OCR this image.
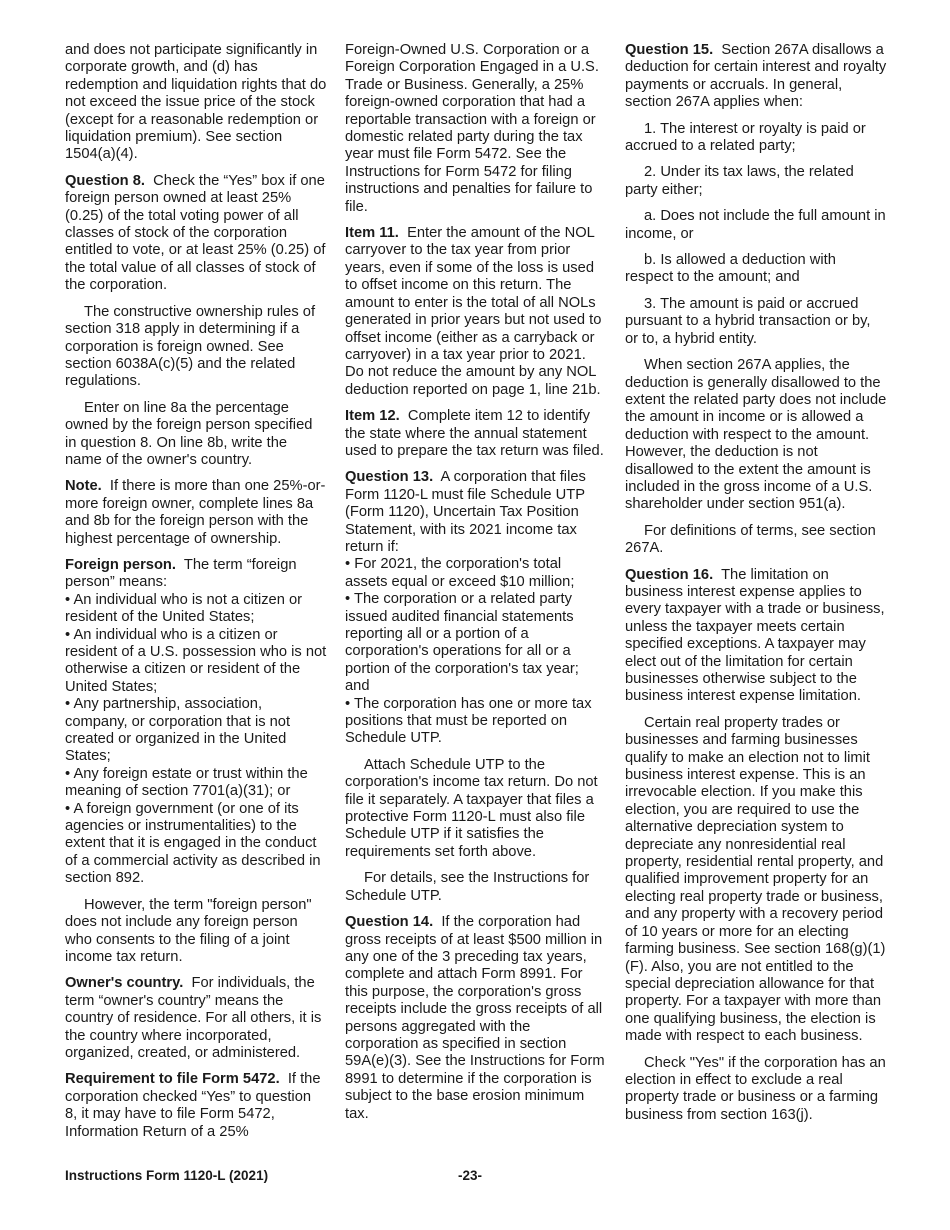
and does not participate significantly in corporate growth, and (d) has redemption and liquidation rights that do not exceed the issue price of the stock (except for a reasonable redemption or liquidation premium). See section 1504(a)(4).

Question 8. Check the “Yes” box if one foreign person owned at least 25% (0.25) of the total voting power of all classes of stock of the corporation entitled to vote, or at least 25% (0.25) of the total value of all classes of stock of the corporation.

The constructive ownership rules of section 318 apply in determining if a corporation is foreign owned. See section 6038A(c)(5) and the related regulations.

Enter on line 8a the percentage owned by the foreign person specified in question 8. On line 8b, write the name of the owner's country.

Note. If there is more than one 25%-or-more foreign owner, complete lines 8a and 8b for the foreign person with the highest percentage of ownership.

Foreign person. The term “foreign person” means:

• An individual who is not a citizen or resident of the United States;

• An individual who is a citizen or resident of a U.S. possession who is not otherwise a citizen or resident of the United States;

• Any partnership, association, company, or corporation that is not created or organized in the United States;

• Any foreign estate or trust within the meaning of section 7701(a)(31); or

• A foreign government (or one of its agencies or instrumentalities) to the extent that it is engaged in the conduct of a commercial activity as described in section 892.

However, the term "foreign person" does not include any foreign person who consents to the filing of a joint income tax return.

Owner's country. For individuals, the term “owner's country” means the country of residence. For all others, it is the country where incorporated, organized, created, or administered.

Requirement to file Form 5472. If the corporation checked “Yes” to question 8, it may have to file Form 5472, Information Return of a 25%

Foreign-Owned U.S. Corporation or a Foreign Corporation Engaged in a U.S. Trade or Business. Generally, a 25% foreign-owned corporation that had a reportable transaction with a foreign or domestic related party during the tax year must file Form 5472. See the Instructions for Form 5472 for filing instructions and penalties for failure to file.

Item 11. Enter the amount of the NOL carryover to the tax year from prior years, even if some of the loss is used to offset income on this return. The amount to enter is the total of all NOLs generated in prior years but not used to offset income (either as a carryback or carryover) in a tax year prior to 2021. Do not reduce the amount by any NOL deduction reported on page 1, line 21b.

Item 12. Complete item 12 to identify the state where the annual statement used to prepare the tax return was filed.

Question 13. A corporation that files Form 1120-L must file Schedule UTP (Form 1120), Uncertain Tax Position Statement, with its 2021 income tax return if:

• For 2021, the corporation's total assets equal or exceed $10 million;

• The corporation or a related party issued audited financial statements reporting all or a portion of a corporation's operations for all or a portion of the corporation's tax year; and

• The corporation has one or more tax positions that must be reported on Schedule UTP.

Attach Schedule UTP to the corporation's income tax return. Do not file it separately. A taxpayer that files a protective Form 1120-L must also file Schedule UTP if it satisfies the requirements set forth above.

For details, see the Instructions for Schedule UTP.

Question 14. If the corporation had gross receipts of at least $500 million in any one of the 3 preceding tax years, complete and attach Form 8991. For this purpose, the corporation's gross receipts include the gross receipts of all persons aggregated with the corporation as specified in section 59A(e)(3). See the Instructions for Form 8991 to determine if the corporation is subject to the base erosion minimum tax.

Question 15. Section 267A disallows a deduction for certain interest and royalty payments or accruals. In general, section 267A applies when:

1. The interest or royalty is paid or accrued to a related party;

2. Under its tax laws, the related party either;

a. Does not include the full amount in income, or

b. Is allowed a deduction with respect to the amount; and

3. The amount is paid or accrued pursuant to a hybrid transaction or by, or to, a hybrid entity.

When section 267A applies, the deduction is generally disallowed to the extent the related party does not include the amount in income or is allowed a deduction with respect to the amount. However, the deduction is not disallowed to the extent the amount is included in the gross income of a U.S. shareholder under section 951(a).

For definitions of terms, see section 267A.

Question 16. The limitation on business interest expense applies to every taxpayer with a trade or business, unless the taxpayer meets certain specified exceptions. A taxpayer may elect out of the limitation for certain businesses otherwise subject to the business interest expense limitation.

Certain real property trades or businesses and farming businesses qualify to make an election not to limit business interest expense. This is an irrevocable election. If you make this election, you are required to use the alternative depreciation system to depreciate any nonresidential real property, residential rental property, and qualified improvement property for an electing real property trade or business, and any property with a recovery period of 10 years or more for an electing farming business. See section 168(g)(1)(F). Also, you are not entitled to the special depreciation allowance for that property. For a taxpayer with more than one qualifying business, the election is made with respect to each business.

Check "Yes" if the corporation has an election in effect to exclude a real property trade or business or a farming business from section 163(j).

Instructions Form 1120-L (2021)	-23-
